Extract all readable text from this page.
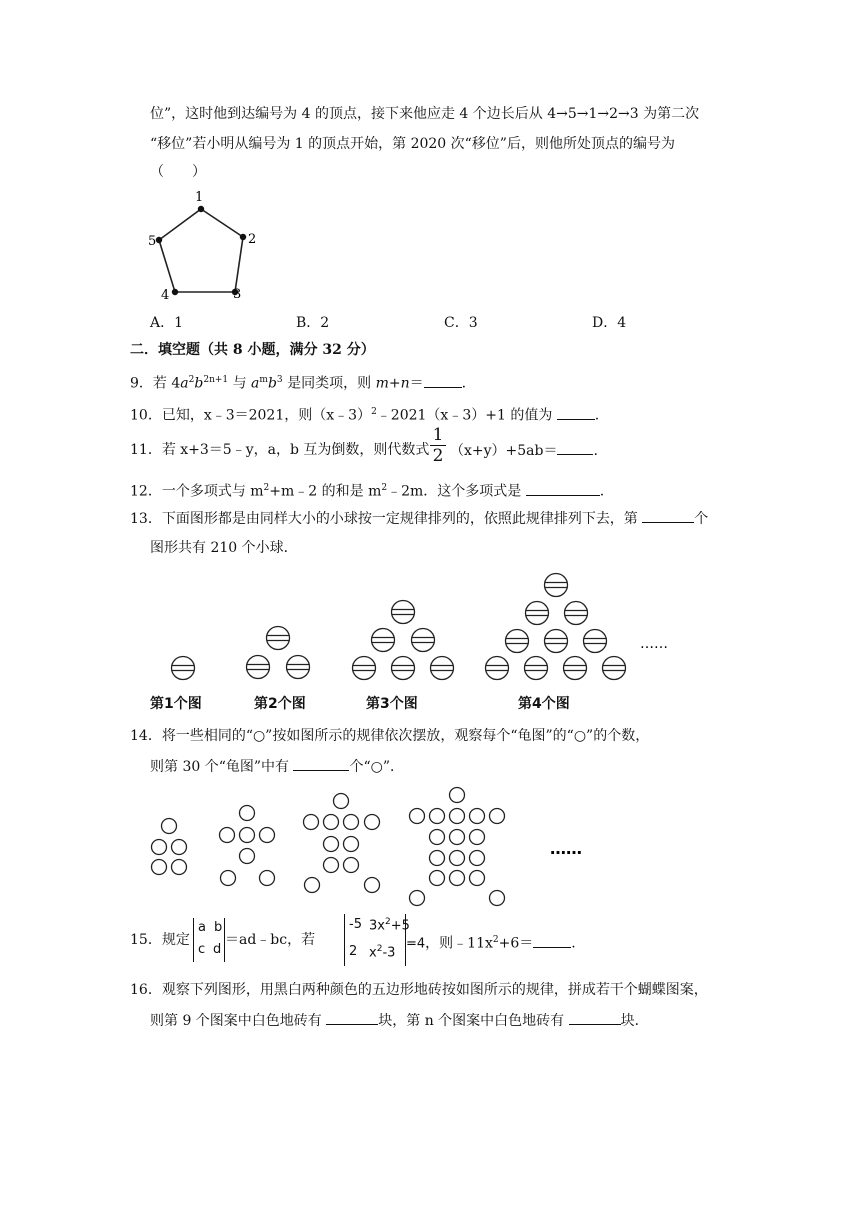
位”，这时他到达编号为 4 的顶点，接下来他应走 4 个边长后从 4→5→1→2→3 为第二次
“移位”若小明从编号为 1 的顶点开始，第 2020 次“移位”后，则他所处顶点的编号为
（　　）
1
2
3
4
5
A．1	B．2	C．3	D．4
二．填空题（共 8 小题，满分 32 分）
9．若 $4a^2b^{2n+1}$ 与 $a^mb^3$ 是同类项，则 m+n＝	.
10．已知，x﹣3＝2021，则（x﹣3）$^2$﹣2021（x﹣3）+1 的值为	.
11．若 x+3＝5﹣y，a，b 互为倒数，则代数式
1
2 （x+y）+5ab＝	.
12．一个多项式与 $m^2+m﹣2$ 的和是 $m^2﹣2m$．这个多项式是	.
13．下面图形都是由同样大小的小球按一定规律排列的，依照此规律排列下去，第	个
图形共有 210 个小球．
……
第1个图	第2个图	第3个图	第4个图
14．将一些相同的“○”按如图所示的规律依次摆放，观察每个“龟图”的“○”的个数，
则第 30 个“龟图”中有	个“○”．
……
15．规定
a b
c d
＝ad﹣bc，若
-5 $3x^2+5$
2 $x^2-3$
=4，则$﹣11x^2+6=$	.
16．观察下列图形，用黑白两种颜色的五边形地砖按如图所示的规律，拼成若干个蝴蝶图案，
则第 9 个图案中白色地砖有	块，第 n 个图案中白色地砖有	块．
